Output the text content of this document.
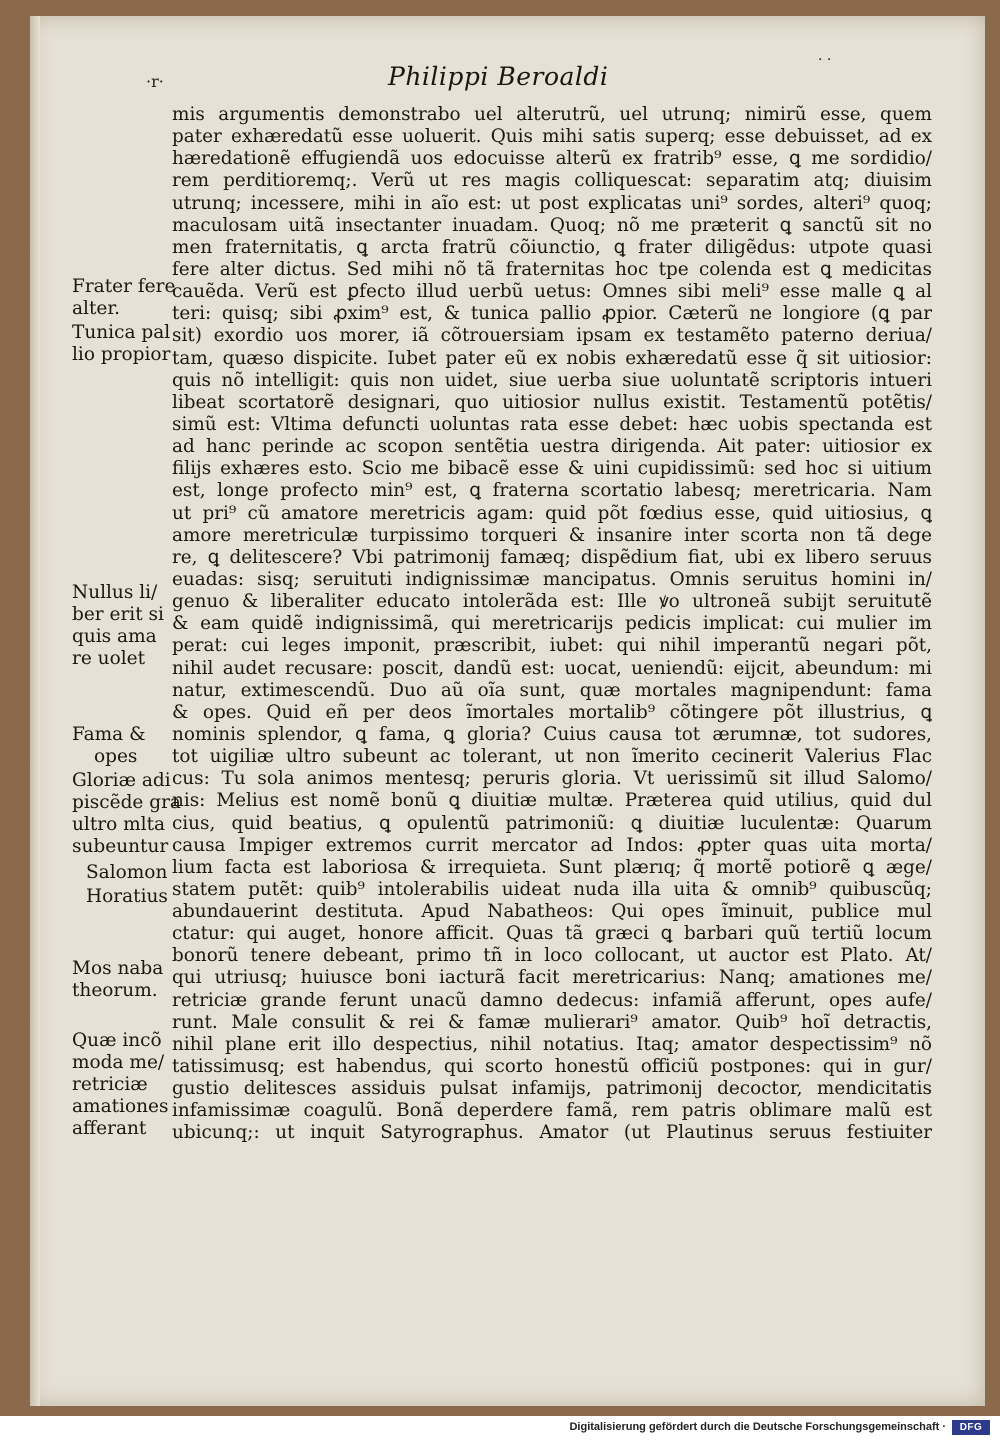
·r·	Philippi Beroaldi
· ·
mis argumentis demonstrabo uel alterutrũ, uel utrunq; nimirũ esse, quem
pater exhæredatũ esse uoluerit. Quis mihi satis superq; esse debuisset, ad ex
hæredationẽ effugiendã uos edocuisse alterũ ex fratrib⁹ esse, ꝗ me sordidio/
rem perditioremq;. Verũ ut res magis colliquescat: separatim atq; diuisim
utrunq; incessere, mihi in aĩo est: ut post explicatas uni⁹ sordes, alteri⁹ quoq;
maculosam uitã insectanter inuadam. Quoq; nõ me præterit ꝗ sanctũ sit no
men fraternitatis, ꝗ arcta fratrũ cõiunctio, ꝗ frater diligẽdus: utpote quasi
fere alter dictus. Sed mihi nõ tã fraternitas hoc tpe colenda est ꝗ medicitas
cauẽda. Verũ est ꝑfecto illud uerbũ uetus: Omnes sibi meli⁹ esse malle ꝗ al
teri: quisq; sibi ꝓxim⁹ est, & tunica pallio ꝓpior. Cæterũ ne longiore (ꝗ par
sit) exordio uos morer, iã cõtrouersiam ipsam ex testamẽto paterno deriua/
tam, quæso dispicite. Iubet pater eũ ex nobis exhæredatũ esse q̃ sit uitiosior:
quis nõ intelligit: quis non uidet, siue uerba siue uoluntatẽ scriptoris intueri
libeat scortatorẽ designari, quo uitiosior nullus existit. Testamentũ potẽtis/
simũ est: Vltima defuncti uoluntas rata esse debet: hæc uobis spectanda est
ad hanc perinde ac scopon sentẽtia uestra dirigenda. Ait pater: uitiosior ex
filijs exhæres esto. Scio me bibacẽ esse & uini cupidissimũ: sed hoc si uitium
est, longe profecto min⁹ est, ꝗ fraterna scortatio labesq; meretricaria. Nam
ut pri⁹ cũ amatore meretricis agam: quid põt fœdius esse, quid uitiosius, ꝗ
amore meretriculæ turpissimo torqueri & insanire inter scorta non tã dege
re, ꝗ delitescere? Vbi patrimonij famæq; dispẽdium fiat, ubi ex libero seruus
euadas: sisq; seruituti indignissimæ mancipatus. Omnis seruitus homini in/
genuo & liberaliter educato intolerãda est: Ille ꝟo ultroneã subijt seruitutẽ
& eam quidẽ indignissimã, qui meretricarijs pedicis implicat: cui mulier im
perat: cui leges imponit, præscribit, iubet: qui nihil imperantũ negari põt,
nihil audet recusare: poscit, dandũ est: uocat, ueniendũ: eijcit, abeundum: mi
natur, extimescendũ. Duo aũ oĩa sunt, quæ mortales magnipendunt: fama
& opes. Quid eñ per deos ĩmortales mortalib⁹ cõtingere põt illustrius, ꝗ
nominis splendor, ꝗ fama, ꝗ gloria? Cuius causa tot ærumnæ, tot sudores,
tot uigiliæ ultro subeunt ac tolerant, ut non ĩmerito cecinerit Valerius Flac
cus: Tu sola animos mentesq; peruris gloria. Vt uerissimũ sit illud Salomo/
nis: Melius est nomẽ bonũ ꝗ diuitiæ multæ. Præterea quid utilius, quid dul
cius, quid beatius, ꝗ opulentũ patrimoniũ: ꝗ diuitiæ luculentæ: Quarum
causa Impiger extremos currit mercator ad Indos: ꝓpter quas uita morta/
lium facta est laboriosa & irrequieta. Sunt plærıq; q̃ mortẽ potiorẽ ꝗ æge/
statem putẽt: quib⁹ intolerabilis uideat nuda illa uita & omnib⁹ quibuscũq;
abundauerint destituta. Apud Nabatheos: Qui opes ĩminuit, publice mul
ctatur: qui auget, honore afficit. Quas tã græci ꝗ barbari quũ tertiũ locum
bonorũ tenere debeant, primo tñ in loco collocant, ut auctor est Plato. At/
qui utriusq; huiusce boni iacturã facit meretricarius: Nanq; amationes me/
retriciæ grande ferunt unacũ damno dedecus: infamiã afferunt, opes aufe/
runt. Male consulit & rei & famæ mulierari⁹ amator. Quib⁹ hoĩ detractis,
nihil plane erit illo despectius, nihil notatius. Itaq; amator despectissim⁹ nõ
tatissimusq; est habendus, qui scorto honestũ officiũ postpones: qui in gur/
gustio delitesces assiduis pulsat infamijs, patrimonij decoctor, mendicitatis
infamissimæ coagulũ. Bonã deperdere famã, rem patris oblimare malũ est
ubicunq;: ut inquit Satyrographus. Amator (ut Plautinus seruus festiuiter
Frater fere
alter.
Tunica pal
lio propior
Nullus li/
ber erit si
quis ama
re uolet
Fama &
opes
Gloriæ adi
piscẽde gra
ultro mlta
subeuntur
Salomon
Horatius
Mos naba
theorum.
Quæ incõ
moda me/
retriciæ
amationes
afferant
Digitalisierung gefördert durch die Deutsche Forschungsgemeinschaft ·	DFG
